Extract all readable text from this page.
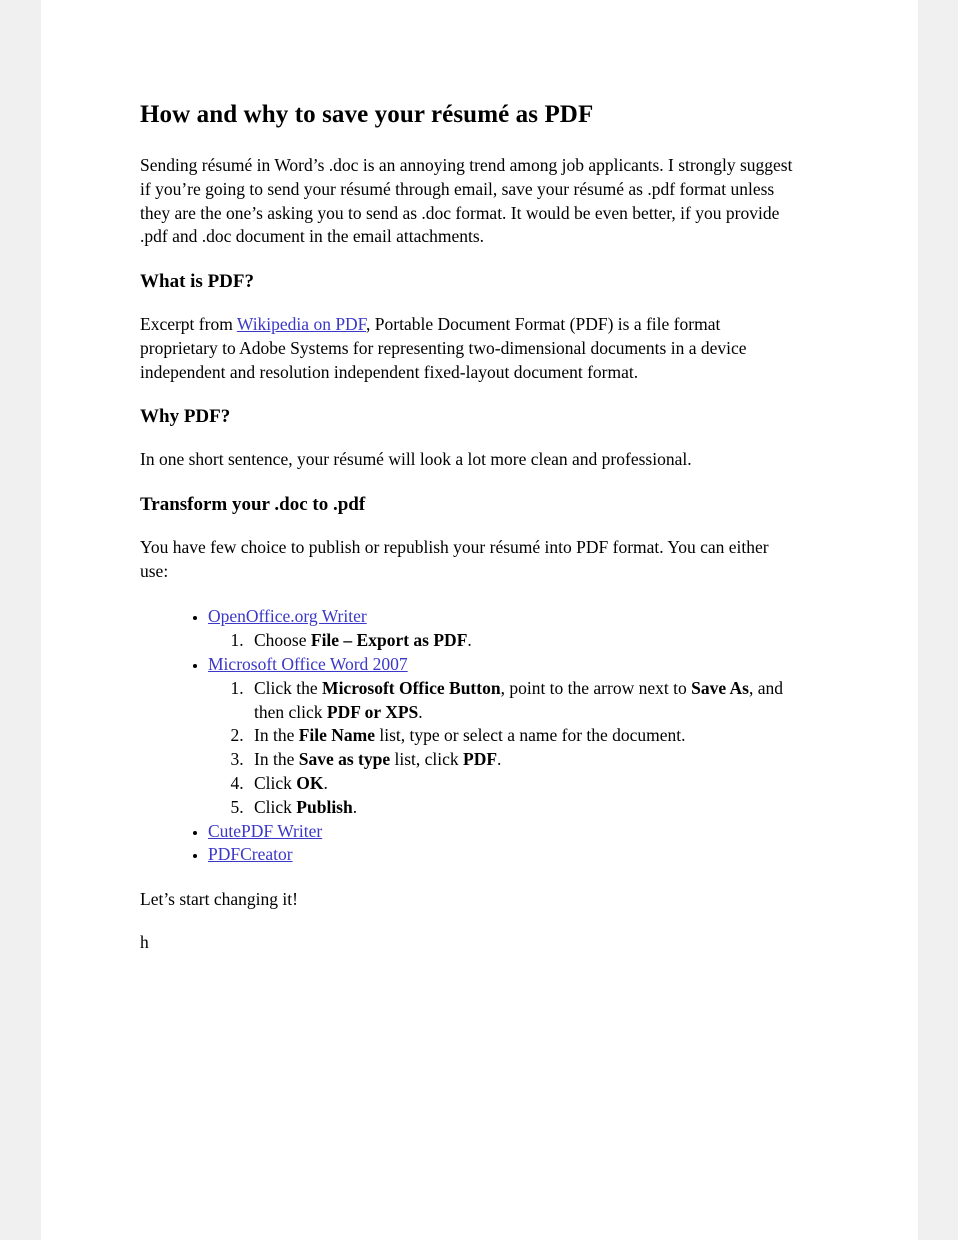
How and why to save your résumé as PDF

Sending résumé in Word’s .doc is an annoying trend among job applicants. I strongly suggest if you’re going to send your résumé through email, save your résumé as .pdf format unless they are the one’s asking you to send as .doc format. It would be even better, if you provide .pdf and .doc document in the email attachments.

What is PDF?

Excerpt from Wikipedia on PDF, Portable Document Format (PDF) is a file format proprietary to Adobe Systems for representing two-dimensional documents in a device independent and resolution independent fixed-layout document format.

Why PDF?

In one short sentence, your résumé will look a lot more clean and professional.

Transform your .doc to .pdf

You have few choice to publish or republish your résumé into PDF format. You can either use:

• OpenOffice.org Writer
1. Choose File – Export as PDF.
• Microsoft Office Word 2007
1. Click the Microsoft Office Button, point to the arrow next to Save As, and then click PDF or XPS.
2. In the File Name list, type or select a name for the document.
3. In the Save as type list, click PDF.
4. Click OK.
5. Click Publish.
• CutePDF Writer
• PDFCreator

Let’s start changing it!

h
